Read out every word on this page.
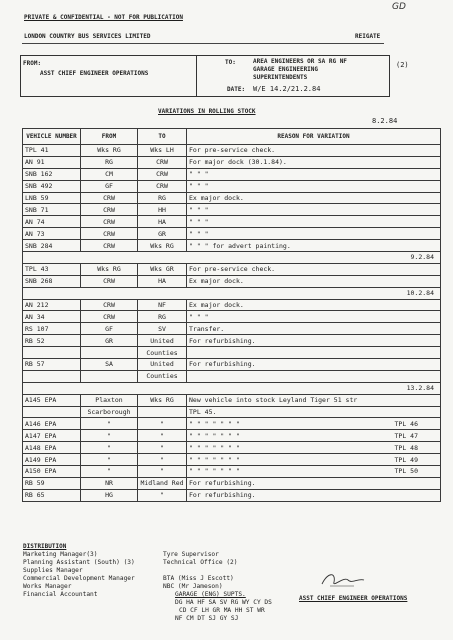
GD
PRIVATE & CONFIDENTIAL - NOT FOR PUBLICATION
LONDON COUNTRY BUS SERVICES LIMITED	REIGATE
FROM:
ASST CHIEF ENGINEER OPERATIONS
TO:	AREA ENGINEERS OR SA RG NF
GARAGE ENGINEERING
SUPERINTENDENTS
DATE: W/E 14.2/21.2.84
(2)
VARIATIONS IN ROLLING STOCK
8.2.84
VEHICLE NUMBER	FROM	TO	REASON FOR VARIATION
TPL 41	Wks RG	Wks LH	For pre-service check.
AN 91	RG	CRW	For major dock (30.1.84).
SNB 162	CM	CRW	" " "
SNB 492	GF	CRW	" " "
LNB 59	CRW	RG	Ex major dock.
SNB 71	CRW	HH	" " "
AN 74	CRW	HA	" " "
AN 73	CRW	GR	" " "
SNB 284	CRW	Wks RG	" " " for advert painting.
9.2.84			
TPL 43	Wks RG	Wks GR	For pre-service check.
SNB 268	CRW	HA	Ex major dock.
10.2.84			
AN 212	CRW	NF	Ex major dock.
AN 34	CRW	RG	" " "
RS 107	GF	SV	Transfer.
RB 52	GR	United	For refurbishing.
		Counties	
RB 57	SA	United	For refurbishing.
		Counties	
13.2.84			
A145 EPA	Plaxton	Wks RG	New vehicle into stock Leyland Tiger 51 str
	Scarborough		TPL 45.
A146 EPA	"	"	" " " " " " " TPL 46

A147 EPA	"	"	" " " " " " " TPL 47

A148 EPA	"	"	" " " " " " " TPL 48

A149 EPA	"	"	" " " " " " " TPL 49

A150 EPA	"	"	" " " " " " " TPL 50

RB 59	NR	Midland Red	For refurbishing.
RB 65	HG	"	For refurbishing.
DISTRIBUTION
Marketing Manager(3)
Planning Assistant (South) (3)
Supplies Manager
Commercial Development Manager
Works Manager
Financial Accountant
Tyre Supervisor
Technical Office (2)
BTA (Miss J Escott)
NBC (Mr Jameson)
GARAGE (ENG) SUPTS.
DG HA HF SA SV RG WY CY DS
CD CF LH GR MA HH ST WR
NF CM DT SJ GY SJ
ASST CHIEF ENGINEER OPERATIONS
